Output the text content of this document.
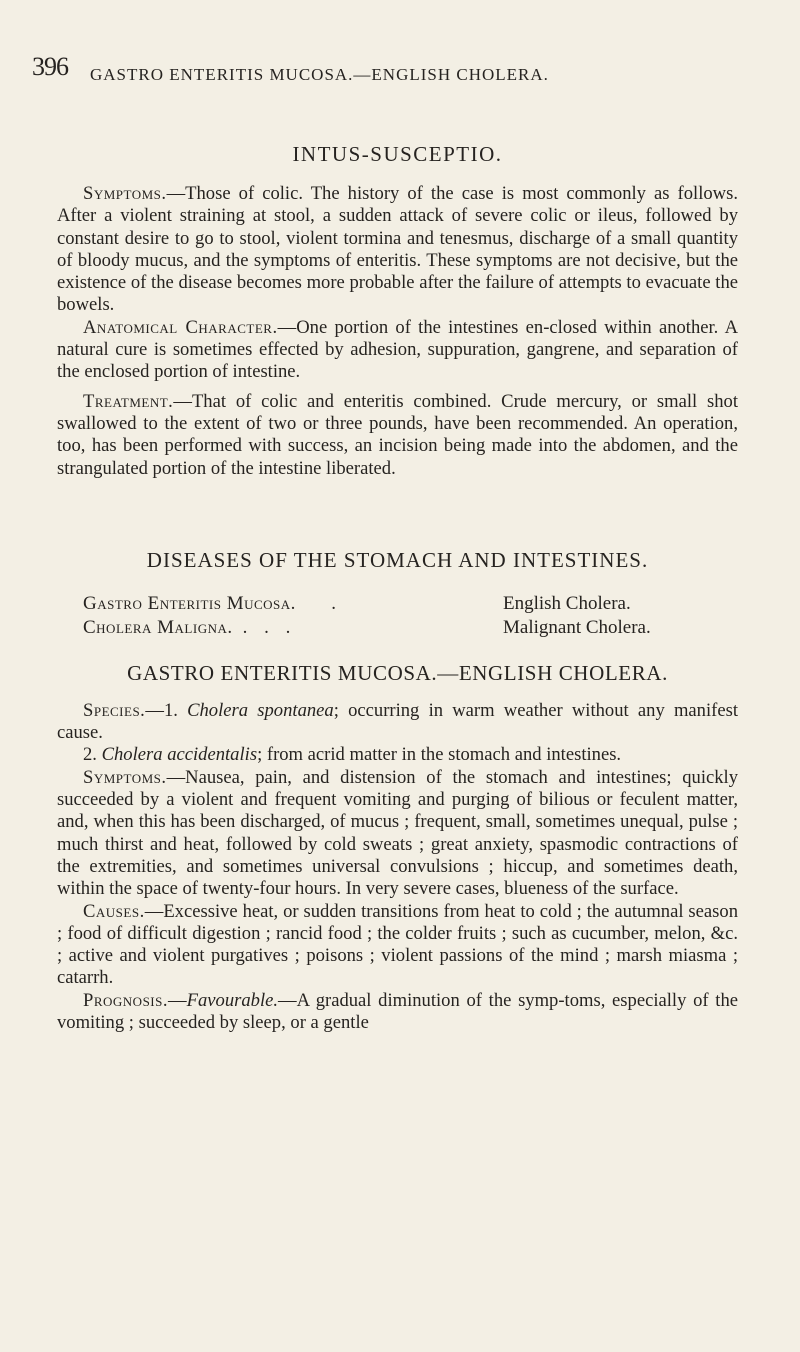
396 GASTRO ENTERITIS MUCOSA.—ENGLISH CHOLERA.
INTUS-SUSCEPTIO.

Symptoms.—Those of colic. The history of the case is most commonly as follows. After a violent straining at stool, a sudden attack of severe colic or ileus, followed by constant desire to go to stool, violent tormina and tenesmus, discharge of a small quantity of bloody mucus, and the symptoms of enteritis. These symptoms are not decisive, but the existence of the disease becomes more probable after the failure of attempts to evacuate the bowels.

Anatomical Character.—One portion of the intestines en-closed within another. A natural cure is sometimes effected by adhesion, suppuration, gangrene, and separation of the enclosed portion of intestine.

Treatment.—That of colic and enteritis combined. Crude mercury, or small shot swallowed to the extent of two or three pounds, have been recommended. An operation, too, has been performed with success, an incision being made into the abdomen, and the strangulated portion of the intestine liberated.

DISEASES OF THE STOMACH AND INTESTINES.
Gastro Enteritis Mucosa. .	English Cholera.
Cholera Maligna. . . .	Malignant Cholera.
GASTRO ENTERITIS MUCOSA.—ENGLISH CHOLERA.

Species.—1. Cholera spontanea; occurring in warm weather without any manifest cause.

2. Cholera accidentalis; from acrid matter in the stomach and intestines.

Symptoms.—Nausea, pain, and distension of the stomach and intestines; quickly succeeded by a violent and frequent vomiting and purging of bilious or feculent matter, and, when this has been discharged, of mucus ; frequent, small, sometimes unequal, pulse ; much thirst and heat, followed by cold sweats ; great anxiety, spasmodic contractions of the extremities, and sometimes universal convulsions ; hiccup, and sometimes death, within the space of twenty-four hours. In very severe cases, blueness of the surface.

Causes.—Excessive heat, or sudden transitions from heat to cold ; the autumnal season ; food of difficult digestion ; rancid food ; the colder fruits ; such as cucumber, melon, &c. ; active and violent purgatives ; poisons ; violent passions of the mind ; marsh miasma ; catarrh.

Prognosis.—Favourable.—A gradual diminution of the symp-toms, especially of the vomiting ; succeeded by sleep, or a gentle
